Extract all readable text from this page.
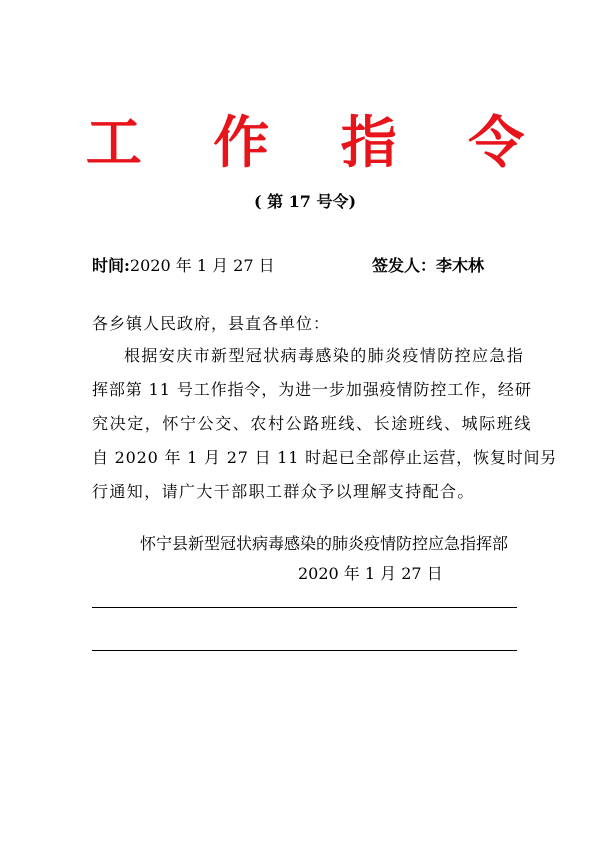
工 作 指 令
( 第 17 号令)
时间:2020 年 1 月 27 日	签发人：李木林
各乡镇人民政府，县直各单位：
根据安庆市新型冠状病毒感染的肺炎疫情防控应急指
挥部第 11 号工作指令，为进一步加强疫情防控工作，经研
究决定，怀宁公交、农村公路班线、长途班线、城际班线
自 2020 年 1 月 27 日 11 时起已全部停止运营，恢复时间另
行通知，请广大干部职工群众予以理解支持配合。
怀宁县新型冠状病毒感染的肺炎疫情防控应急指挥部
2020 年 1 月 27 日
